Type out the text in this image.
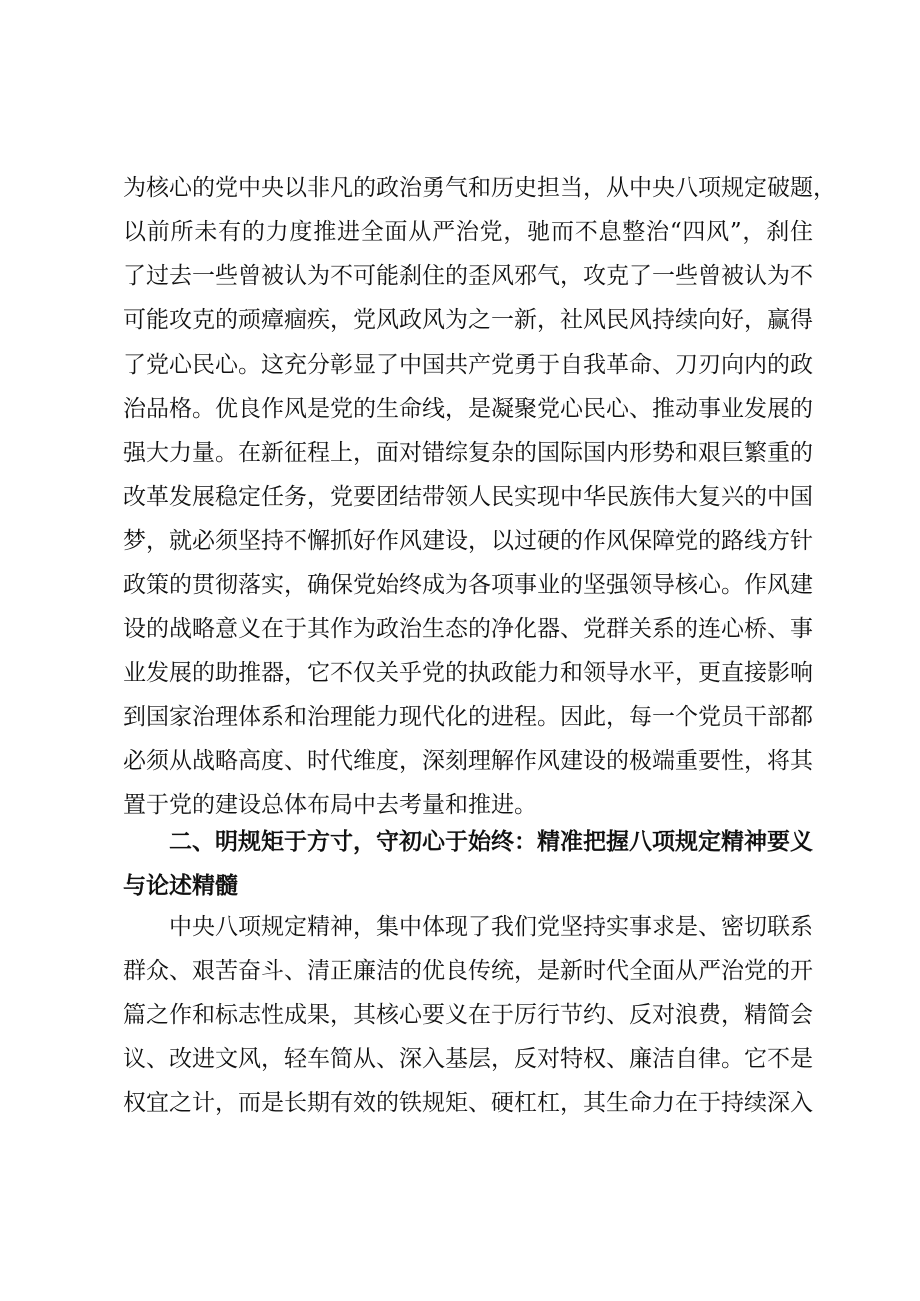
为核心的党中央以非凡的政治勇气和历史担当，从中央八项规定破题，
以前所未有的力度推进全面从严治党，驰而不息整治“四风”，刹住
了过去一些曾被认为不可能刹住的歪风邪气，攻克了一些曾被认为不
可能攻克的顽瘴痼疾，党风政风为之一新，社风民风持续向好，赢得
了党心民心。这充分彰显了中国共产党勇于自我革命、刀刃向内的政
治品格。优良作风是党的生命线，是凝聚党心民心、推动事业发展的
强大力量。在新征程上，面对错综复杂的国际国内形势和艰巨繁重的
改革发展稳定任务，党要团结带领人民实现中华民族伟大复兴的中国
梦，就必须坚持不懈抓好作风建设，以过硬的作风保障党的路线方针
政策的贯彻落实，确保党始终成为各项事业的坚强领导核心。作风建
设的战略意义在于其作为政治生态的净化器、党群关系的连心桥、事
业发展的助推器，它不仅关乎党的执政能力和领导水平，更直接影响
到国家治理体系和治理能力现代化的进程。因此，每一个党员干部都
必须从战略高度、时代维度，深刻理解作风建设的极端重要性，将其
置于党的建设总体布局中去考量和推进。
二、明规矩于方寸，守初心于始终：精准把握八项规定精神要义
与论述精髓
中央八项规定精神，集中体现了我们党坚持实事求是、密切联系
群众、艰苦奋斗、清正廉洁的优良传统，是新时代全面从严治党的开
篇之作和标志性成果，其核心要义在于厉行节约、反对浪费，精简会
议、改进文风，轻车简从、深入基层，反对特权、廉洁自律。它不是
权宜之计，而是长期有效的铁规矩、硬杠杠，其生命力在于持续深入
